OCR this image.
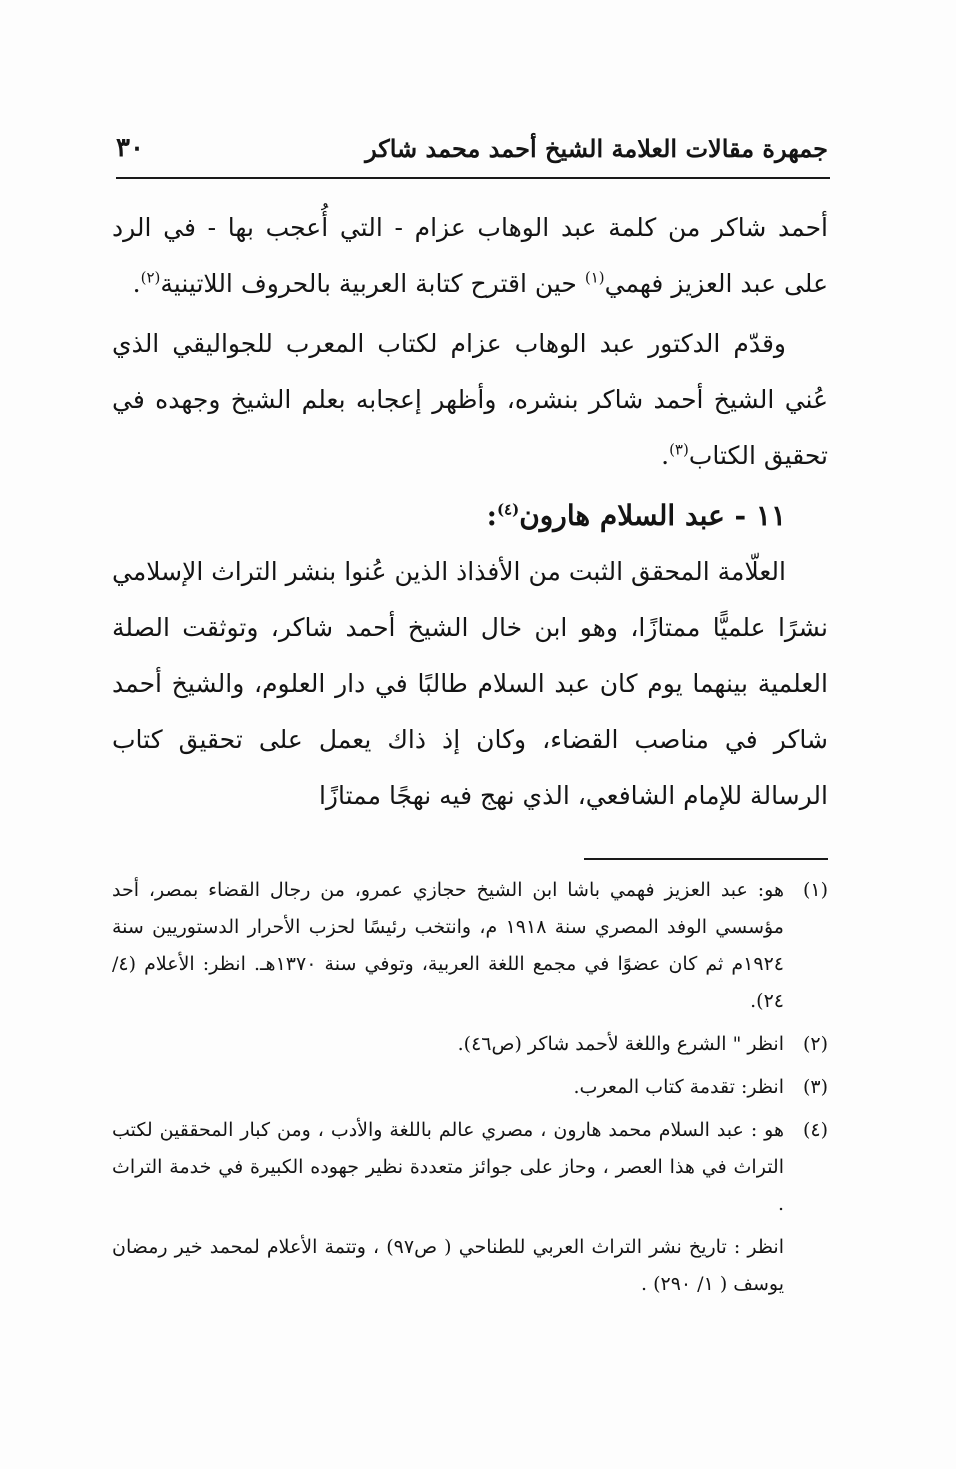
جمهرة مقالات العلامة الشيخ أحمد محمد شاكر
٣٠

أحمد شاكر من كلمة عبد الوهاب عزام - التي أُعجب بها - في الرد على عبد العزيز فهمي$^{(١)}$ حين اقترح كتابة العربية بالحروف اللاتينية$^{(٢)}$.

وقدّم الدكتور عبد الوهاب عزام لكتاب المعرب للجواليقي الذي عُني الشيخ أحمد شاكر بنشره، وأظهر إعجابه بعلم الشيخ وجهده في تحقيق الكتاب$^{(٣)}$.

١١ - عبد السلام هارون$^{(٤)}$:

العلّامة المحقق الثبت من الأفذاذ الذين عُنوا بنشر التراث الإسلامي نشرًا علميًّا ممتازًا، وهو ابن خال الشيخ أحمد شاكر، وتوثقت الصلة العلمية بينهما يوم كان عبد السلام طالبًا في دار العلوم، والشيخ أحمد شاكر في مناصب القضاء، وكان إذ ذاك يعمل على تحقيق كتاب الرسالة للإمام الشافعي، الذي نهج فيه نهجًا ممتازًا

(١)
هو: عبد العزيز فهمي باشا ابن الشيخ حجازي عمرو، من رجال القضاء بمصر، أحد مؤسسي الوفد المصري سنة ١٩١٨ م، وانتخب رئيسًا لحزب الأحرار الدستوريين سنة ١٩٢٤م ثم كان عضوًا في مجمع اللغة العربية، وتوفي سنة ١٣٧٠هـ. انظر: الأعلام (٤/ ٢٤).
(٢)
انظر " الشرع واللغة لأحمد شاكر (ص٤٦).
(٣)
انظر: تقدمة كتاب المعرب.
(٤)
هو : عبد السلام محمد هارون ، مصري عالم باللغة والأدب ، ومن كبار المحققين لكتب التراث في هذا العصر ، وحاز على جوائز متعددة نظير جهوده الكبيرة في خدمة التراث .
انظر : تاريخ نشر التراث العربي للطناحي ( ص٩٧) ، وتتمة الأعلام لمحمد خير رمضان يوسف ( ١/ ٢٩٠) .
